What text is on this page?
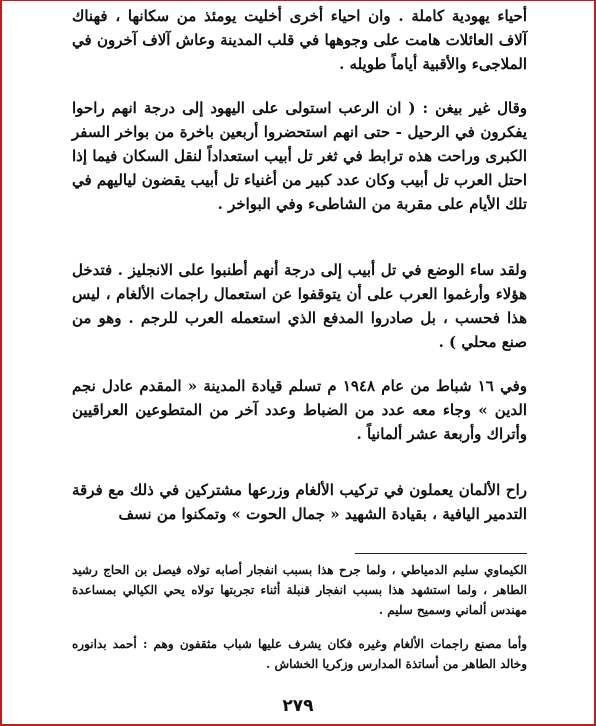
أحياء يهودية كاملة . وان احياء أخرى أخليت يومئذ من سكانها ، فهناك آلاف العائلات هامت على وجوهها في قلب المدينة وعاش آلاف آخرون في الملاجىء والأقبية أياماً طويله .

وقال غير بيغن : ( ان الرعب استولى على اليهود إلى درجة انهم راحوا يفكرون في الرحيل - حتى انهم استحضروا أربعين باخرة من بواخر السفر الكبرى وراحت هذه ترابط في ثغر تل أبيب استعداداً لنقل السكان فيما إذا احتل العرب تل أبيب وكان عدد كبير من أغنياء تل أبيب يقضون لياليهم في تلك الأيام على مقربة من الشاطىء وفي البواخر .

ولقد ساء الوضع في تل أبيب إلى درجة أنهم أطنبوا على الانجليز . فتدخل هؤلاء وأرغموا العرب على أن يتوقفوا عن استعمال راجمات الألغام ، ليس هذا فحسب ، بل صادروا المدفع الذي استعمله العرب للرجم . وهو من صنع محلي ) .

وفي ١٦ شباط من عام ١٩٤٨ م تسلم قيادة المدينة « المقدم عادل نجم الدين » وجاء معه عدد من الضباط وعدد آخر من المتطوعين العراقيين وأتراك وأربعة عشر ألمانياً .

راح الألمان يعملون في تركيب الألغام وزرعها مشتركين في ذلك مع فرقة التدمير اليافية ، بقيادة الشهيد « جمال الحوت » وتمكنوا من نسف

الكيماوي سليم الدمياطي ، ولما جرح هذا بسبب انفجار أصابه تولاه فيصل بن الحاج رشيد الطاهر ، ولما استشهد هذا بسبب انفجار قنبلة أثناء تجربتها تولاه يحي الكيالي بمساعدة مهندس ألماني وسميح سليم .

وأما مصنع راجمات الألغام وغيره فكان يشرف عليها شباب مثقفون وهم : أحمد بدانوره وخالد الطاهر من أساتذة المدارس وزكريا الخشاش .

٢٧٩
